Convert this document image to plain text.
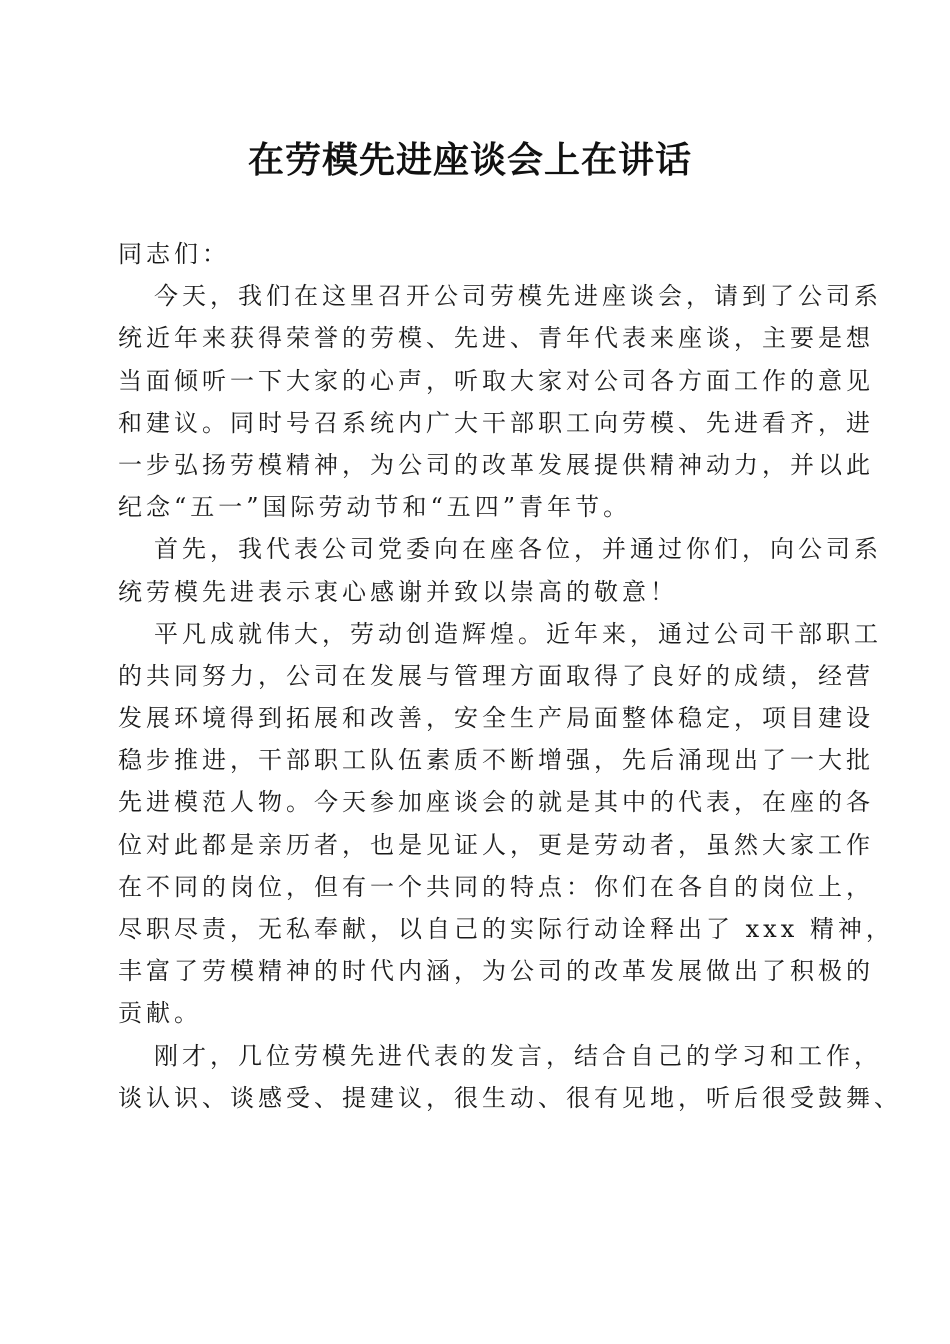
在劳模先进座谈会上在讲话
同志们：
今天，我们在这里召开公司劳模先进座谈会，请到了公司系
统近年来获得荣誉的劳模、先进、青年代表来座谈，主要是想
当面倾听一下大家的心声，听取大家对公司各方面工作的意见
和建议。同时号召系统内广大干部职工向劳模、先进看齐，进
一步弘扬劳模精神，为公司的改革发展提供精神动力，并以此
纪念“五一”国际劳动节和“五四”青年节。
首先，我代表公司党委向在座各位，并通过你们，向公司系
统劳模先进表示衷心感谢并致以崇高的敬意！
平凡成就伟大，劳动创造辉煌。近年来，通过公司干部职工
的共同努力，公司在发展与管理方面取得了良好的成绩，经营
发展环境得到拓展和改善，安全生产局面整体稳定，项目建设
稳步推进，干部职工队伍素质不断增强，先后涌现出了一大批
先进模范人物。今天参加座谈会的就是其中的代表，在座的各
位对此都是亲历者，也是见证人，更是劳动者，虽然大家工作
在不同的岗位，但有一个共同的特点：你们在各自的岗位上，
尽职尽责，无私奉献，以自己的实际行动诠释出了 xxx 精神，
丰富了劳模精神的时代内涵，为公司的改革发展做出了积极的
贡献。
刚才，几位劳模先进代表的发言，结合自己的学习和工作，
谈认识、谈感受、提建议，很生动、很有见地，听后很受鼓舞、
